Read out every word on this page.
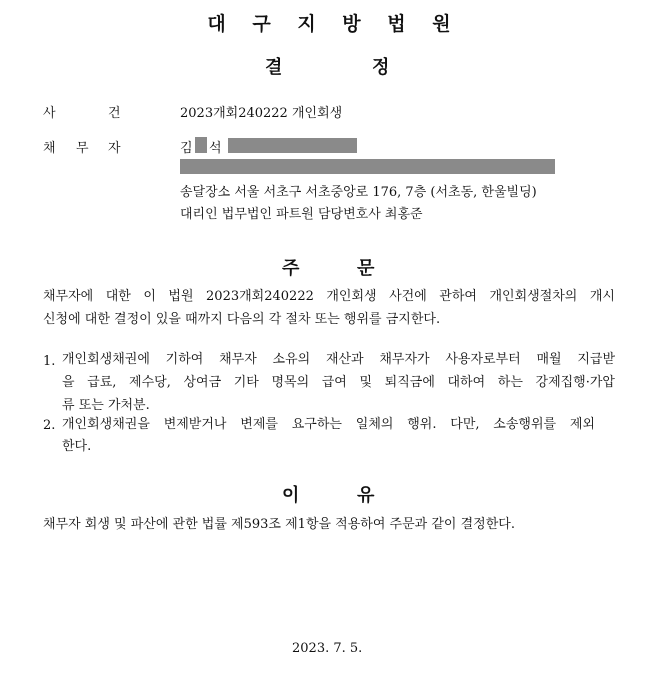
대 구 지 방 법 원
결	정
사	건	2023개회240222 개인회생
채 무 자	김 석
송달장소 서울 서초구 서초중앙로 176, 7층 (서초동, 한울빌딩)
대리인 법무법인 파트원 담당변호사 최홍준
주	문
채무자에 대한 이 법원 2023개회240222 개인회생 사건에 관하여 개인회생절차의 개시
신청에 대한 결정이 있을 때까지 다음의 각 절차 또는 행위를 금지한다.
1. 개인회생채권에 기하여 채무자 소유의 재산과 채무자가 사용자로부터 매월 지급받
을 급료, 제수당, 상여금 기타 명목의 급여 및 퇴직금에 대하여 하는 강제집행·가압
류 또는 가처분.
2. 개인회생채권을 변제받거나 변제를 요구하는 일체의 행위. 다만, 소송행위를 제외
한다.
이	유
채무자 회생 및 파산에 관한 법률 제593조 제1항을 적용하여 주문과 같이 결정한다.
2023. 7. 5.
